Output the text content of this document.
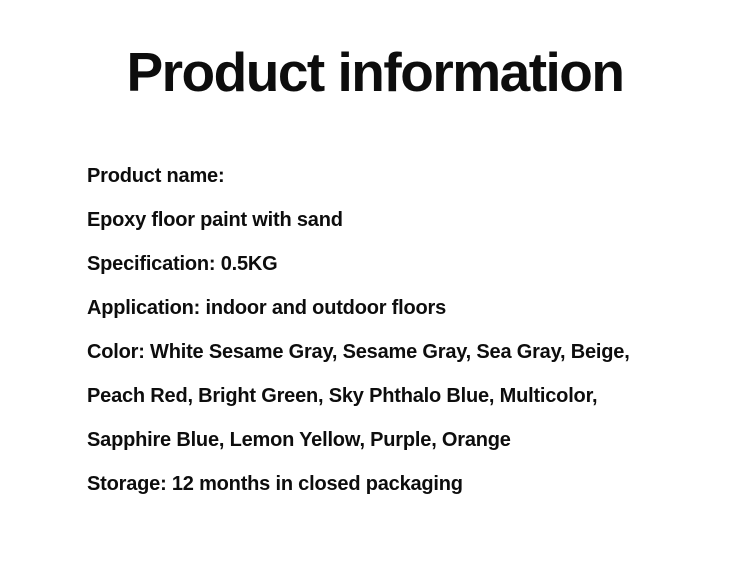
Product information

Product name:

Epoxy floor paint with sand

Specification: 0.5KG

Application: indoor and outdoor floors

Color: White Sesame Gray, Sesame Gray, Sea Gray, Beige,

Peach Red, Bright Green, Sky Phthalo Blue, Multicolor,

Sapphire Blue, Lemon Yellow, Purple, Orange

Storage: 12 months in closed packaging
